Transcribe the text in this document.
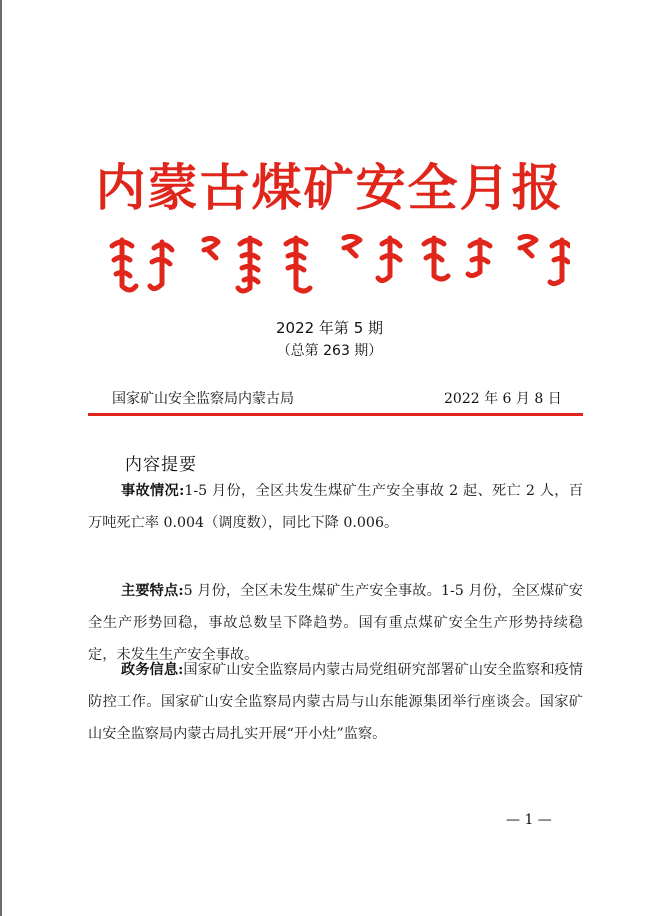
内蒙古煤矿安全月报
2022 年第 5 期
（总第 263 期）
国家矿山安全监察局内蒙古局	2022 年 6 月 8 日
内容提要

事故情况:1-5 月份，全区共发生煤矿生产安全事故 2 起、死亡 2 人，百万吨死亡率 0.004（调度数），同比下降 0.006。

主要特点:5 月份，全区未发生煤矿生产安全事故。1-5 月份，全区煤矿安全生产形势回稳，事故总数呈下降趋势。国有重点煤矿安全生产形势持续稳定，未发生生产安全事故。

政务信息:国家矿山安全监察局内蒙古局党组研究部署矿山安全监察和疫情防控工作。国家矿山安全监察局内蒙古局与山东能源集团举行座谈会。国家矿山安全监察局内蒙古局扎实开展“开小灶”监察。

— 1 —
